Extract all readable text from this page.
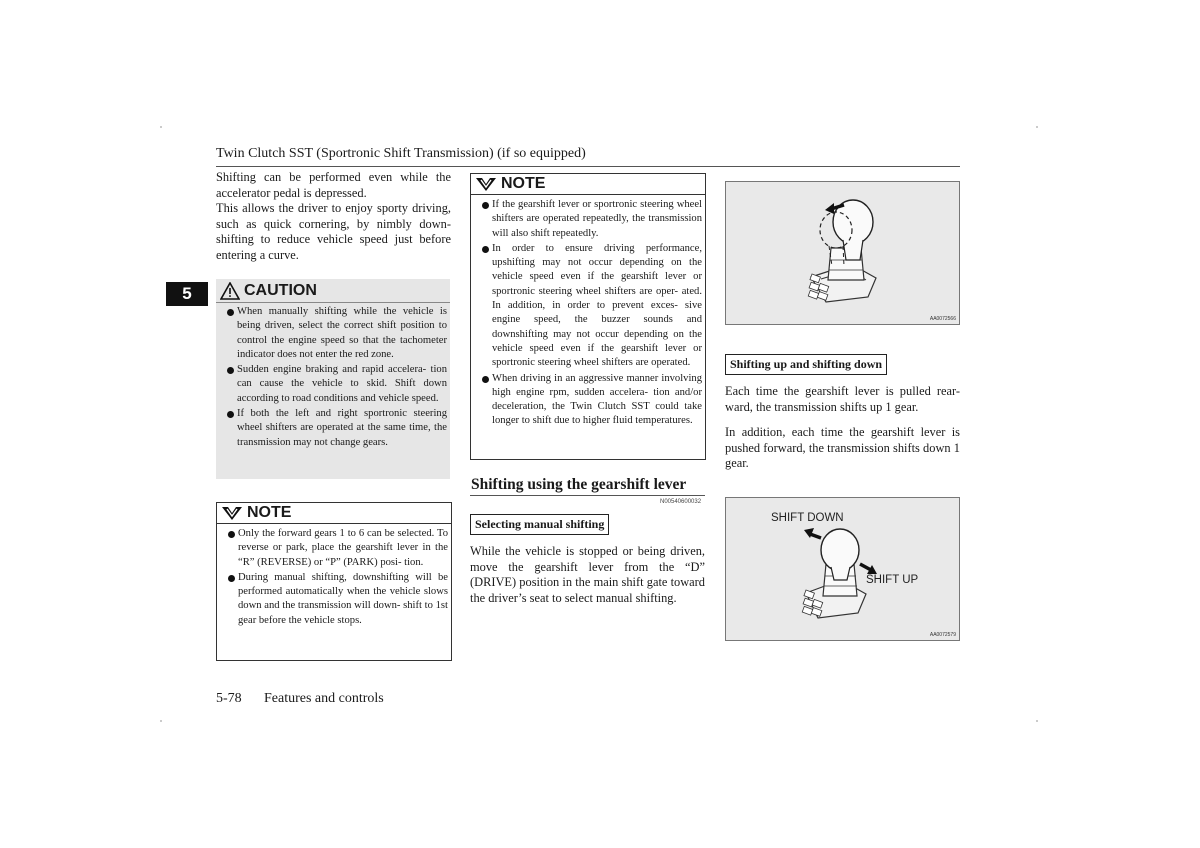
Twin Clutch SST (Sportronic Shift Transmission) (if so equipped)
5

Shifting can be performed even while the accelerator pedal is depressed.

This allows the driver to enjoy sporty driving, such as quick cornering, by nimbly down- shifting to reduce vehicle speed just before entering a curve.

CAUTION
When manually shifting while the vehicle is being driven, select the correct shift position to control the engine speed so that the tachometer indicator does not enter the red zone.
Sudden engine braking and rapid accelera- tion can cause the vehicle to skid. Shift down according to road conditions and vehicle speed.
If both the left and right sportronic steering wheel shifters are operated at the same time, the transmission may not change gears.
NOTE
Only the forward gears 1 to 6 can be selected. To reverse or park, place the gearshift lever in the “R” (REVERSE) or “P” (PARK) posi- tion.
During manual shifting, downshifting will be performed automatically when the vehicle slows down and the transmission will down- shift to 1st gear before the vehicle stops.
NOTE
If the gearshift lever or sportronic steering wheel shifters are operated repeatedly, the transmission will also shift repeatedly.
In order to ensure driving performance, upshifting may not occur depending on the vehicle speed even if the gearshift lever or sportronic steering wheel shifters are oper- ated. In addition, in order to prevent exces- sive engine speed, the buzzer sounds and downshifting may not occur depending on the vehicle speed even if the gearshift lever or sportronic steering wheel shifters are operated.
When driving in an aggressive manner involving high engine rpm, sudden accelera- tion and/or deceleration, the Twin Clutch SST could take longer to shift due to higher fluid temperatures.
Shifting using the gearshift lever
N00540600032
Selecting manual shifting
While the vehicle is stopped or being driven, move the gearshift lever from the “D” (DRIVE) position in the main shift gate toward the driver’s seat to select manual shifting.
AA0072566
Shifting up and shifting down

Each time the gearshift lever is pulled rear- ward, the transmission shifts up 1 gear.

In addition, each time the gearshift lever is pushed forward, the transmission shifts down 1 gear.

SHIFT DOWN
SHIFT UP
AA0072579
5-78 Features and controls
